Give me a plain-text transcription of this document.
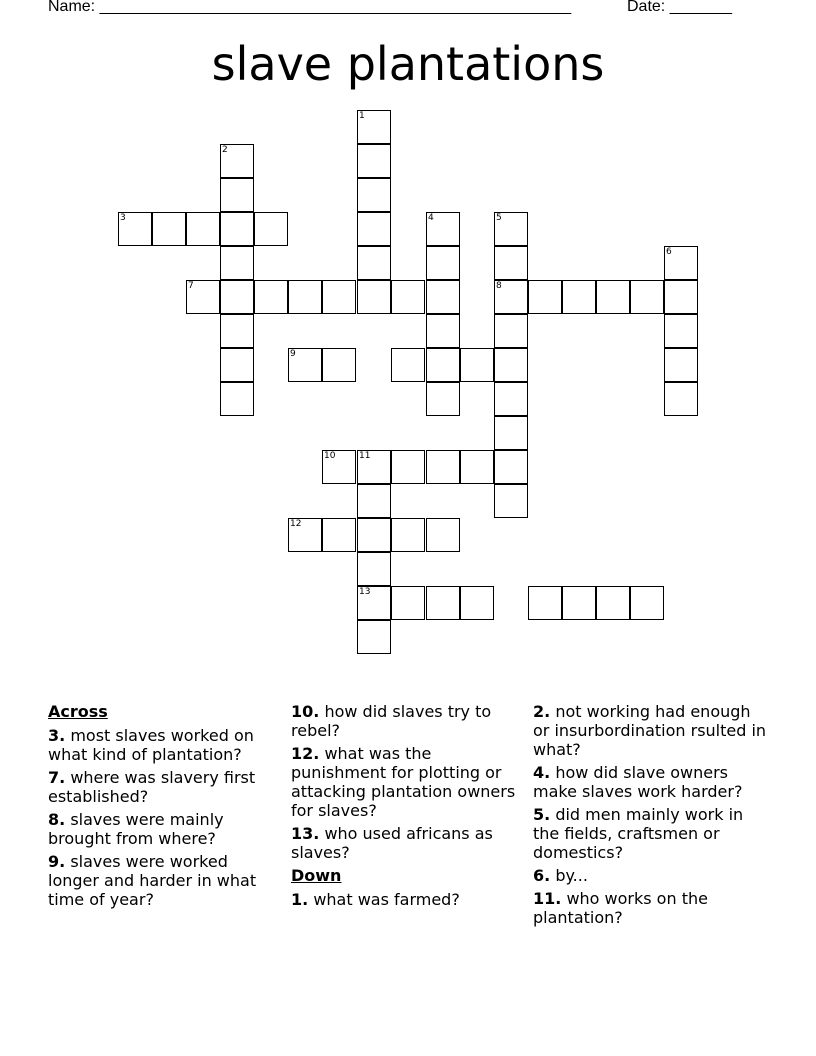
Name: _____________________________________________________	Date: _______
slave plantations
1
2
3	4	5
6
7	8
9
10	11
12
13
Across
3. most slaves worked on what kind of plantation?
7. where was slavery first established?
8. slaves were mainly brought from where?
9. slaves were worked longer and harder in what time of year?
10. how did slaves try to rebel?
12. what was the punishment for plotting or attacking plantation owners for slaves?
13. who used africans as slaves?
Down
1. what was farmed?
2. not working had enough or insurbordination rsulted in what?
4. how did slave owners make slaves work harder?
5. did men mainly work in the fields, craftsmen or domestics?
6. by...
11. who works on the plantation?
